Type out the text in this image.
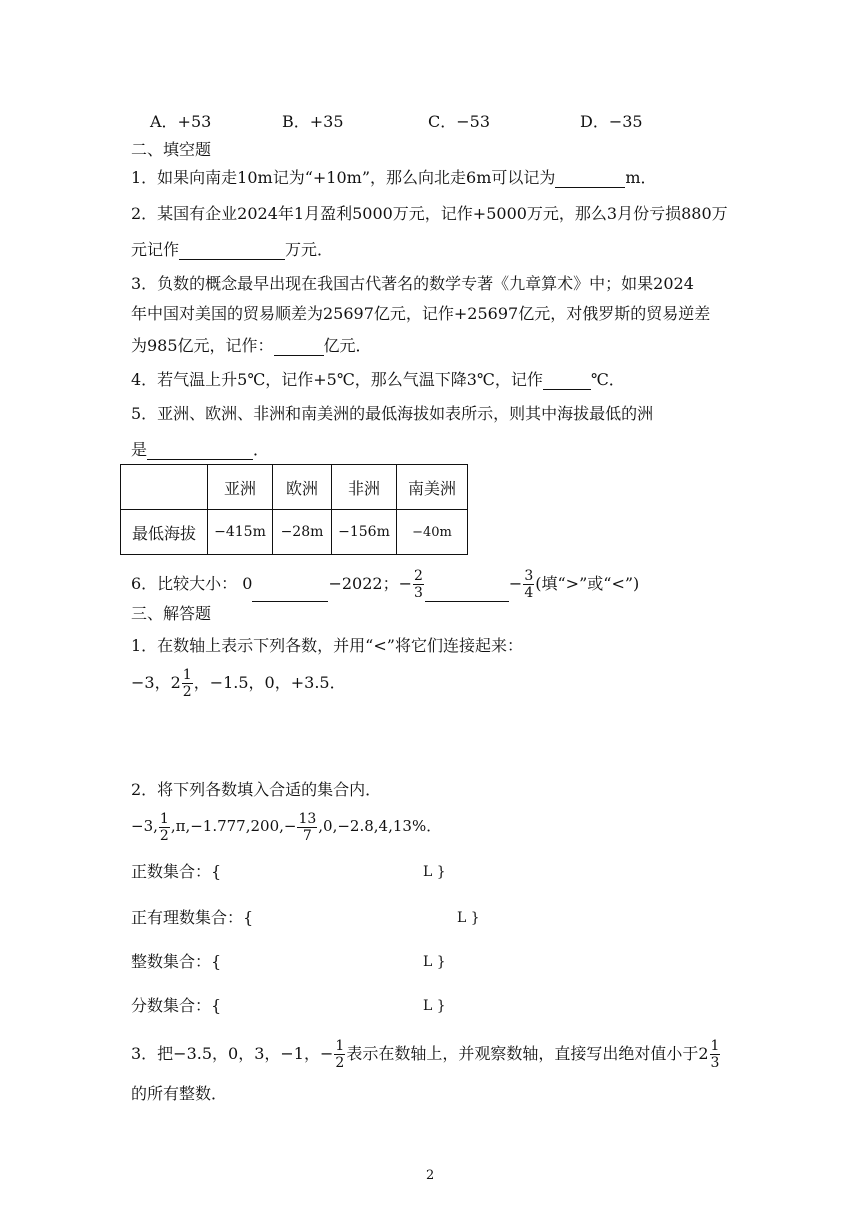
A．+53	B．+35	C．−53	D．−35
二、填空题
1．如果向南走10m记为“+10m”，那么向北走6m可以记为	m．
2．某国有企业2024年1月盈利5000万元，记作+5000万元，那么3月份亏损880万
元记作	万元．
3．负数的概念最早出现在我国古代著名的数学专著《九章算术》中；如果2024
年中国对美国的贸易顺差为25697亿元，记作+25697亿元，对俄罗斯的贸易逆差
为985亿元，记作：	亿元．
4．若气温上升5℃，记作+5℃，那么气温下降3℃，记作	℃．
5．亚洲、欧洲、非洲和南美洲的最低海拔如表所示，则其中海拔最低的洲
是	．
	亚洲	欧洲	非洲	南美洲
最低海拔	−415m	−28m	−156m	−40m
6．比较大小： 0	−2022；− $\frac{2}{3}$	− $\frac{3}{4}$ (填“>”或“<”)
三、解答题
1．在数轴上表示下列各数，并用“<”将它们连接起来：
−3，$2 \frac{1}{2}$ ，−1.5，0，+3.5．
2．将下列各数填入合适的集合内．
−3, $\frac{1}{2} ,\pi,-1.777,200,- \frac{13}{7} ,0,-2.8,4,13\%$．
正数集合：{	L }
正有理数集合：{	L }
整数集合：{	L }
分数集合：{	L }
3．把−3.5，0，3，−1，− $\frac{1}{2}$ 表示在数轴上，并观察数轴，直接写出绝对值小于$2 \frac{1}{3}$
的所有整数．
2
